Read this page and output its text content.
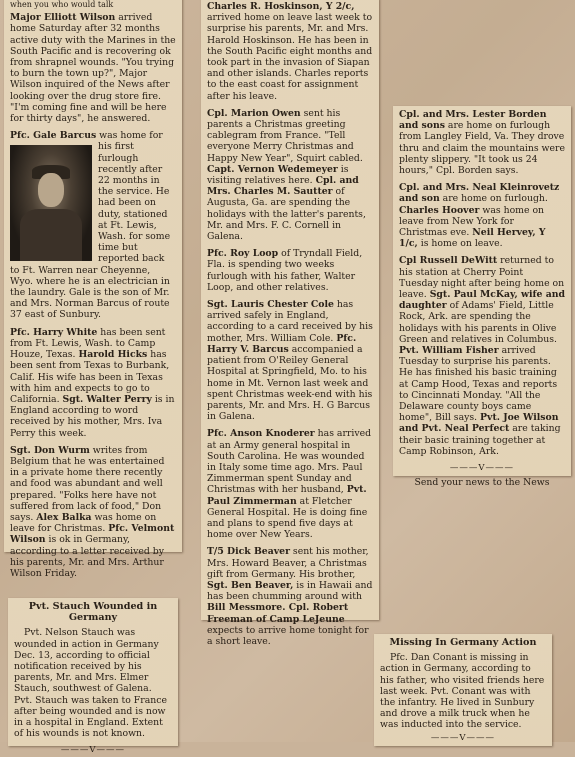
when you who would talk

Major Elliott Wilson arrived home Saturday after 32 months active duty with the Marines in the South Pacific and is recovering ok from shrapnel wounds. "You trying to burn the town up?", Major Wilson inquired of the News after looking over the drug store fire. "I'm coming fine and will be here for thirty days", he answered.

Pfc. Gale Barcus
was home for his first furlough recently after 22 months in the service. He had been on duty, stationed at Ft. Lewis, Wash. for some time but reported back to Ft. Warren near Cheyenne, Wyo. where he is an electrician in the laundry. Gale is the son of Mr. and Mrs. Norman Barcus of route 37 east of Sunbury.

Pfc. Harry White has been sent from Ft. Lewis, Wash. to Camp Houze, Texas. Harold Hicks has been sent from Texas to Burbank, Calif. His wife has been in Texas with him and expects to go to California. Sgt. Walter Perry is in England according to word received by his mother, Mrs. Iva Perry this week.

Sgt. Don Wurm writes from Belgium that he was entertained in a private home there recently and food was abundant and well prepared. "Folks here have not suffered from lack of food," Don says. Alex Balka was home on leave for Christmas. Pfc. Velmont Wilson is ok in Germany, according to a letter received by his parents, Mr. and Mrs. Arthur Wilson Friday.

Charles R. Hoskinson, Y 2/c, arrived home on leave last week to surprise his parents, Mr. and Mrs. Harold Hoskinson. He has been in the South Pacific eight months and took part in the invasion of Siapan and other islands. Charles reports to the east coast for assignment after his leave.

Cpl. Marion Owen sent his parents a Christmas greeting cablegram from France. "Tell everyone Merry Christmas and Happy New Year", Squirt cabled. Capt. Vernon Wedemeyer is visiting relatives here. Cpl. and Mrs. Charles M. Sautter of Augusta, Ga. are spending the holidays with the latter's parents, Mr. and Mrs. F. C. Cornell in Galena.

Pfc. Roy Loop of Tryndall Field, Fla. is spending two weeks furlough with his father, Walter Loop, and other relatives.

Sgt. Lauris Chester Cole has arrived safely in England, according to a card received by his mother, Mrs. William Cole. Pfc. Harry V. Barcus accompanied a patient from O'Reiley General Hospital at Springfield, Mo. to his home in Mt. Vernon last week and spent Christmas week-end with his parents, Mr. and Mrs. H. G Barcus in Galena.

Pfc. Anson Knoderer has arrived at an Army general hospital in South Carolina. He was wounded in Italy some time ago. Mrs. Paul Zimmerman spent Sunday and Christmas with her husband, Pvt. Paul Zimmerman at Fletcher General Hospital. He is doing fine and plans to spend five days at home over New Years.

T/5 Dick Beaver sent his mother, Mrs. Howard Beaver, a Christmas gift from Germany. His brother, Sgt. Ben Beaver, is in Hawaii and has been chumming around with Bill Messmore. Cpl. Robert Freeman of Camp LeJeune expects to arrive home tonight for a short leave.

Cpl. and Mrs. Lester Borden and sons are home on furlough from Langley Field, Va. They drove thru and claim the mountains were plenty slippery. "It took us 24 hours," Cpl. Borden says.

Cpl. and Mrs. Neal Kleinrovetz and son are home on furlough. Charles Hoover was home on leave from New York for Christmas eve. Neil Hervey, Y 1/c, is home on leave.

Cpl Russell DeWitt returned to his station at Cherry Point Tuesday night after being home on leave. Sgt. Paul McKay, wife and daughter of Adams' Field, Little Rock, Ark. are spending the holidays with his parents in Olive Green and relatives in Columbus. Pvt. William Fisher arrived Tuesday to surprise his parents. He has finished his basic training at Camp Hood, Texas and reports to Cincinnati Monday. "All the Delaware county boys came home", Bill says. Pvt. Joe Wilson and Pvt. Neal Perfect are taking their basic training together at Camp Robinson, Ark.

———V———
Send your news to the News
Pvt. Stauch Wounded in Germany

Pvt. Nelson Stauch was wounded in action in Germany Dec. 13, according to official notification received by his parents, Mr. and Mrs. Elmer Stauch, southwest of Galena. Pvt. Stauch was taken to France after being wounded and is now in a hospital in England. Extent of his wounds is not known.

———V———
Missing In Germany Action

Pfc. Dan Conant is missing in action in Germany, according to his father, who visited friends here last week. Pvt. Conant was with the infantry. He lived in Sunbury and drove a milk truck when he was inducted into the service.

———V———
